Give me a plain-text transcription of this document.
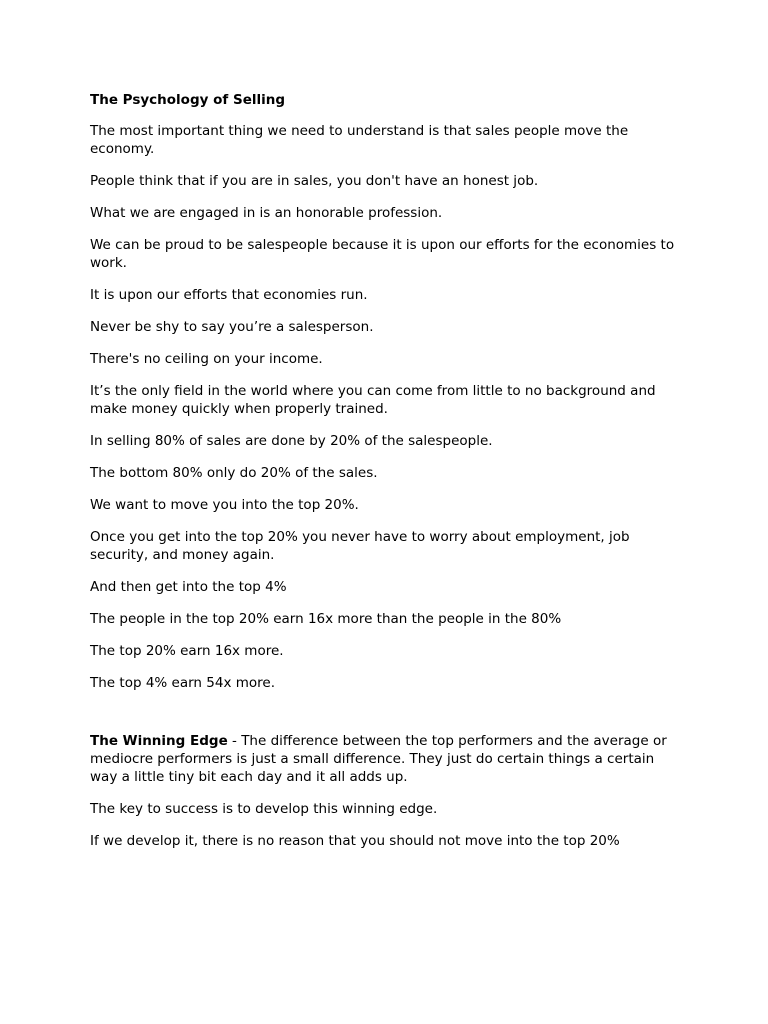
The Psychology of Selling

The most important thing we need to understand is that sales people move the economy.

People think that if you are in sales, you don't have an honest job.

What we are engaged in is an honorable profession.

We can be proud to be salespeople because it is upon our efforts for the economies to work.

It is upon our efforts that economies run.

Never be shy to say you’re a salesperson.

There's no ceiling on your income.

It’s the only field in the world where you can come from little to no background and make money quickly when properly trained.

In selling 80% of sales are done by 20% of the salespeople.

The bottom 80% only do 20% of the sales.

We want to move you into the top 20%.

Once you get into the top 20% you never have to worry about employment, job security, and money again.

And then get into the top 4%

The people in the top 20% earn 16x more than the people in the 80%

The top 20% earn 16x more.

The top 4% earn 54x more.

The Winning Edge - The difference between the top performers and the average or mediocre performers is just a small difference. They just do certain things a certain way a little tiny bit each day and it all adds up.

The key to success is to develop this winning edge.

If we develop it, there is no reason that you should not move into the top 20%
